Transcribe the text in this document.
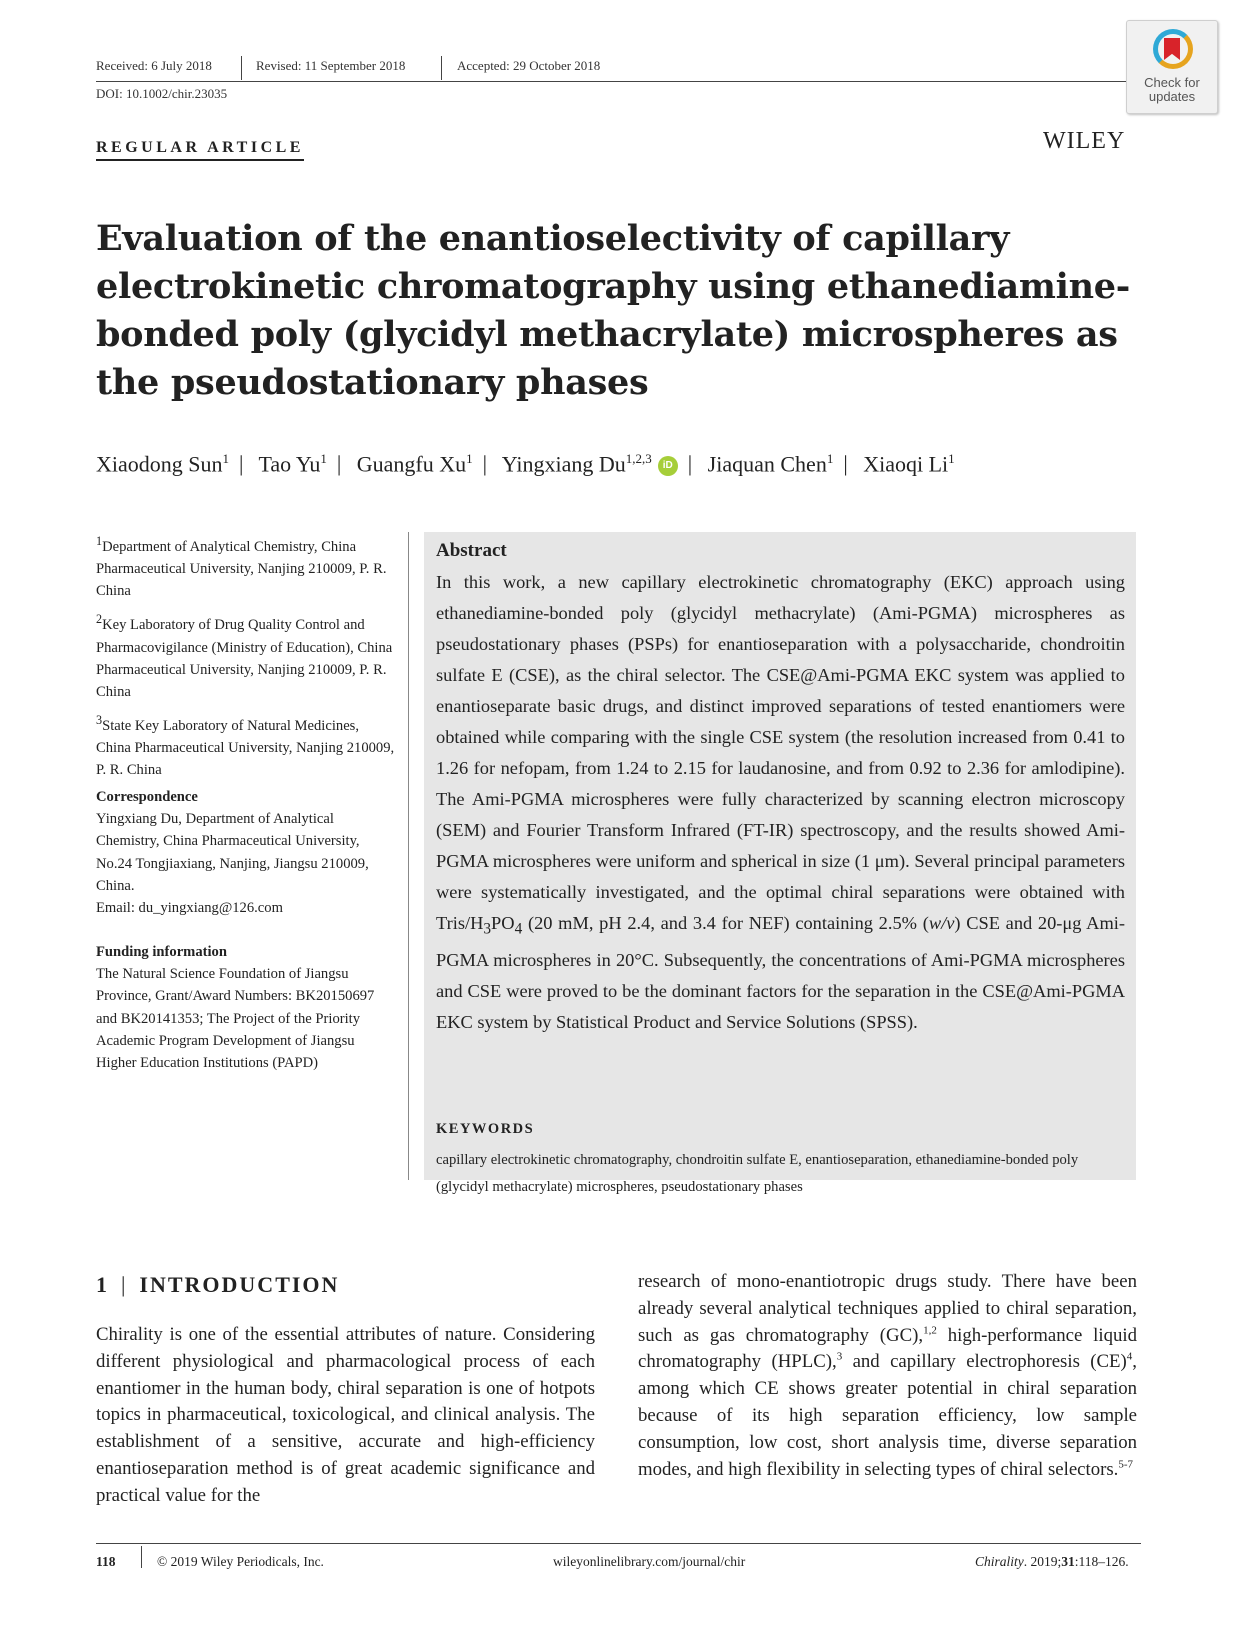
Received: 6 July 2018	Revised: 11 September 2018	Accepted: 29 October 2018
DOI: 10.1002/chir.23035
Check for
updates
REGULAR ARTICLE	WILEY
Evaluation of the enantioselectivity of capillary electrokinetic chromatography using ethanediamine-bonded poly (glycidyl methacrylate) microspheres as the pseudostationary phases
Xiaodong Sun$^1$ | Tao Yu$^1$ | Guangfu Xu$^1$ | Yingxiang Du$^{1,2,3}$ iD | Jiaquan Chen$^1$ | Xiaoqi Li$^1$

$^1$Department of Analytical Chemistry, China Pharmaceutical University, Nanjing 210009, P. R. China

$^2$Key Laboratory of Drug Quality Control and Pharmacovigilance (Ministry of Education), China Pharmaceutical University, Nanjing 210009, P. R. China

$^3$State Key Laboratory of Natural Medicines, China Pharmaceutical University, Nanjing 210009, P. R. China

Correspondence
Yingxiang Du, Department of Analytical Chemistry, China Pharmaceutical University, No.24 Tongjiaxiang, Nanjing, Jiangsu 210009, China.
Email: du_yingxiang@126.com
Funding information
The Natural Science Foundation of Jiangsu Province, Grant/Award Numbers: BK20150697 and BK20141353; The Project of the Priority Academic Program Development of Jiangsu Higher Education Institutions (PAPD)
Abstract
In this work, a new capillary electrokinetic chromatography (EKC) approach using ethanediamine-bonded poly (glycidyl methacrylate) (Ami-PGMA) microspheres as pseudostationary phases (PSPs) for enantioseparation with a polysaccharide, chondroitin sulfate E (CSE), as the chiral selector. The CSE@Ami-PGMA EKC system was applied to enantioseparate basic drugs, and distinct improved separations of tested enantiomers were obtained while comparing with the single CSE system (the resolution increased from 0.41 to 1.26 for nefopam, from 1.24 to 2.15 for laudanosine, and from 0.92 to 2.36 for amlodipine). The Ami-PGMA microspheres were fully characterized by scanning electron microscopy (SEM) and Fourier Transform Infrared (FT-IR) spectroscopy, and the results showed Ami-PGMA microspheres were uniform and spherical in size (1 μm). Several principal parameters were systematically investigated, and the optimal chiral separations were obtained with Tris/$H_3PO_4$ (20 mM, pH 2.4, and 3.4 for NEF) containing 2.5% (w/v) CSE and 20-μg Ami-PGMA microspheres in 20°C. Subsequently, the concentrations of Ami-PGMA microspheres and CSE were proved to be the dominant factors for the separation in the CSE@Ami-PGMA EKC system by Statistical Product and Service Solutions (SPSS).
KEYWORDS
capillary electrokinetic chromatography, chondroitin sulfate E, enantioseparation, ethanediamine-bonded poly (glycidyl methacrylate) microspheres, pseudostationary phases
1 | INTRODUCTION
Chirality is one of the essential attributes of nature. Considering different physiological and pharmacological process of each enantiomer in the human body, chiral separation is one of hotpots topics in pharmaceutical, toxicological, and clinical analysis. The establishment of a sensitive, accurate and high-efficiency enantioseparation method is of great academic significance and practical value for the
research of mono-enantiotropic drugs study. There have been already several analytical techniques applied to chiral separation, such as gas chromatography (GC),$^{1,2}$ high-performance liquid chromatography (HPLC),$^3$ and capillary electrophoresis (CE)$^4$, among which CE shows greater potential in chiral separation because of its high separation efficiency, low sample consumption, low cost, short analysis time, diverse separation modes, and high flexibility in selecting types of chiral selectors.$^{5-7}$
118	© 2019 Wiley Periodicals, Inc.	wileyonlinelibrary.com/journal/chir	Chirality. 2019;31:118–126.
